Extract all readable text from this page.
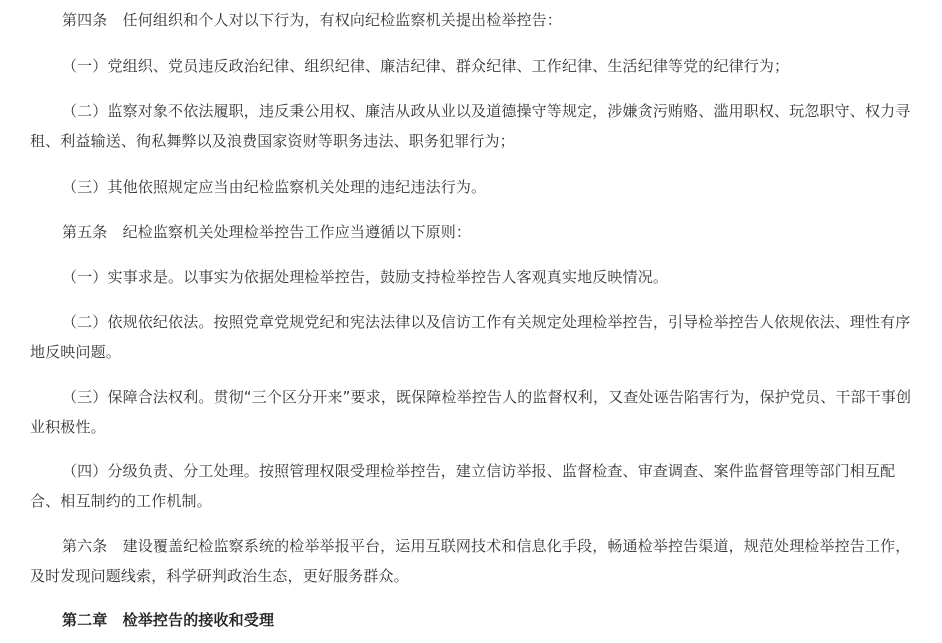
第四条　任何组织和个人对以下行为，有权向纪检监察机关提出检举控告：

（一）党组织、党员违反政治纪律、组织纪律、廉洁纪律、群众纪律、工作纪律、生活纪律等党的纪律行为；

（二）监察对象不依法履职，违反秉公用权、廉洁从政从业以及道德操守等规定，涉嫌贪污贿赂、滥用职权、玩忽职守、权力寻租、利益输送、徇私舞弊以及浪费国家资财等职务违法、职务犯罪行为；

（三）其他依照规定应当由纪检监察机关处理的违纪违法行为。

第五条　纪检监察机关处理检举控告工作应当遵循以下原则：

（一）实事求是。以事实为依据处理检举控告，鼓励支持检举控告人客观真实地反映情况。

（二）依规依纪依法。按照党章党规党纪和宪法法律以及信访工作有关规定处理检举控告，引导检举控告人依规依法、理性有序地反映问题。

（三）保障合法权利。贯彻“三个区分开来”要求，既保障检举控告人的监督权利，又查处诬告陷害行为，保护党员、干部干事创业积极性。

（四）分级负责、分工处理。按照管理权限受理检举控告，建立信访举报、监督检查、审查调查、案件监督管理等部门相互配合、相互制约的工作机制。

第六条　建设覆盖纪检监察系统的检举举报平台，运用互联网技术和信息化手段，畅通检举控告渠道，规范处理检举控告工作，及时发现问题线索，科学研判政治生态，更好服务群众。

第二章　检举控告的接收和受理
